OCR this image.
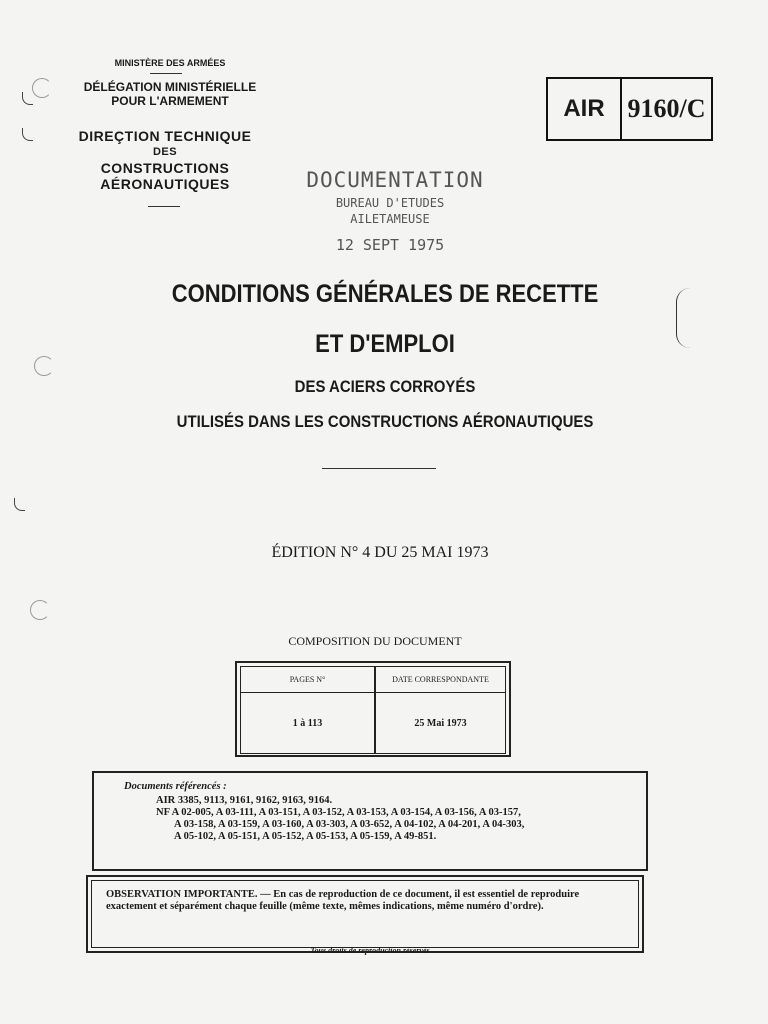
MINISTÈRE DES ARMÉES
DÉLÉGATION MINISTÉRIELLE
POUR L'ARMEMENT
DIREÇTION TECHNIQUE
DES
CONSTRUCTIONS
AÉRONAUTIQUES
AIR 9160/C
DOCUMENTATION
BUREAU D'ETUDES
AILETAMEUSE
12 SEPT 1975
CONDITIONS GÉNÉRALES DE RECETTE
ET D'EMPLOI
DES ACIERS CORROYÉS
UTILISÉS DANS LES CONSTRUCTIONS AÉRONAUTIQUES
ÉDITION N° 4 DU 25 MAI 1973
COMPOSITION DU DOCUMENT
PAGES N°	DATE CORRESPONDANTE
1 à 113	25 Mai 1973
Documents référencés :
AIR 3385, 9113, 9161, 9162, 9163, 9164.
NF A 02-005, A 03-111, A 03-151, A 03-152, A 03-153, A 03-154, A 03-156, A 03-157,
A 03-158, A 03-159, A 03-160, A 03-303, A 03-652, A 04-102, A 04-201, A 04-303,
A 05-102, A 05-151, A 05-152, A 05-153, A 05-159, A 49-851.
OBSERVATION IMPORTANTE. — En cas de reproduction de ce document, il est essentiel de reproduire exactement et séparément chaque feuille (même texte, mêmes indications, même numéro d'ordre).
Tous droits de reproduction réservés
